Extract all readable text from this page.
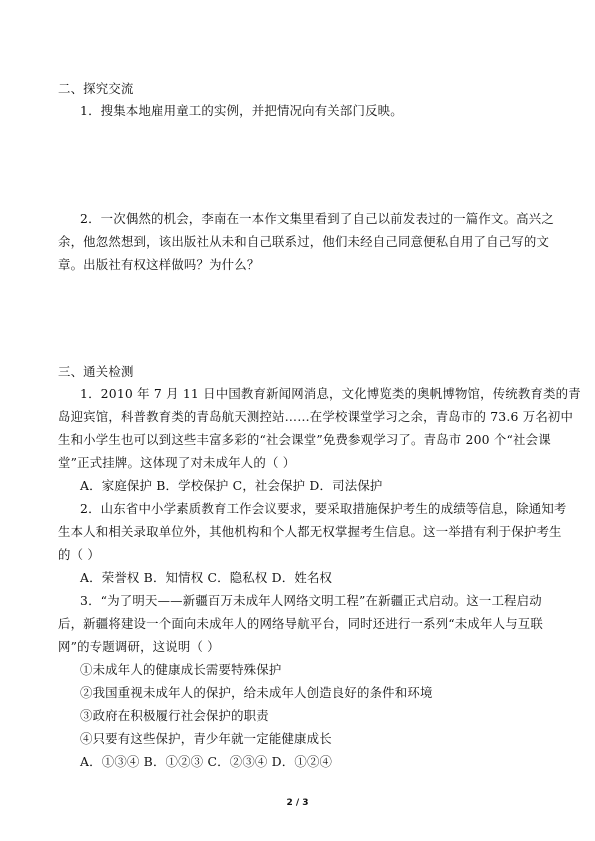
二、探究交流
1．搜集本地雇用童工的实例，并把情况向有关部门反映。
2．一次偶然的机会，李南在一本作文集里看到了自己以前发表过的一篇作文。高兴之
余，他忽然想到，该出版社从未和自己联系过，他们未经自己同意便私自用了自己写的文
章。出版社有权这样做吗？为什么？
三、通关检测
1．2010 年 7 月 11 日中国教育新闻网消息，文化博览类的奥帆博物馆，传统教育类的青
岛迎宾馆，科普教育类的青岛航天测控站……在学校课堂学习之余，青岛市的 73.6 万名初中
生和小学生也可以到这些丰富多彩的“社会课堂”免费参观学习了。青岛市 200 个“社会课
堂”正式挂牌。这体现了对未成年人的（ ）
A．家庭保护 B．学校保护 C，社会保护 D．司法保护
2．山东省中小学素质教育工作会议要求，要采取措施保护考生的成绩等信息，除通知考
生本人和相关录取单位外，其他机构和个人都无权掌握考生信息。这一举措有利于保护考生
的（ ）
A．荣誉权 B．知情权 C．隐私权 D．姓名权
3．“为了明天——新疆百万未成年人网络文明工程”在新疆正式启动。这一工程启动
后，新疆将建设一个面向未成年人的网络导航平台，同时还进行一系列“未成年人与互联
网”的专题调研，这说明（ ）
①未成年人的健康成长需要特殊保护
②我国重视未成年人的保护，给未成年人创造良好的条件和环境
③政府在积极履行社会保护的职责
④只要有这些保护，青少年就一定能健康成长
A．①③④ B．①②③ C．②③④ D．①②④
2 / 3
